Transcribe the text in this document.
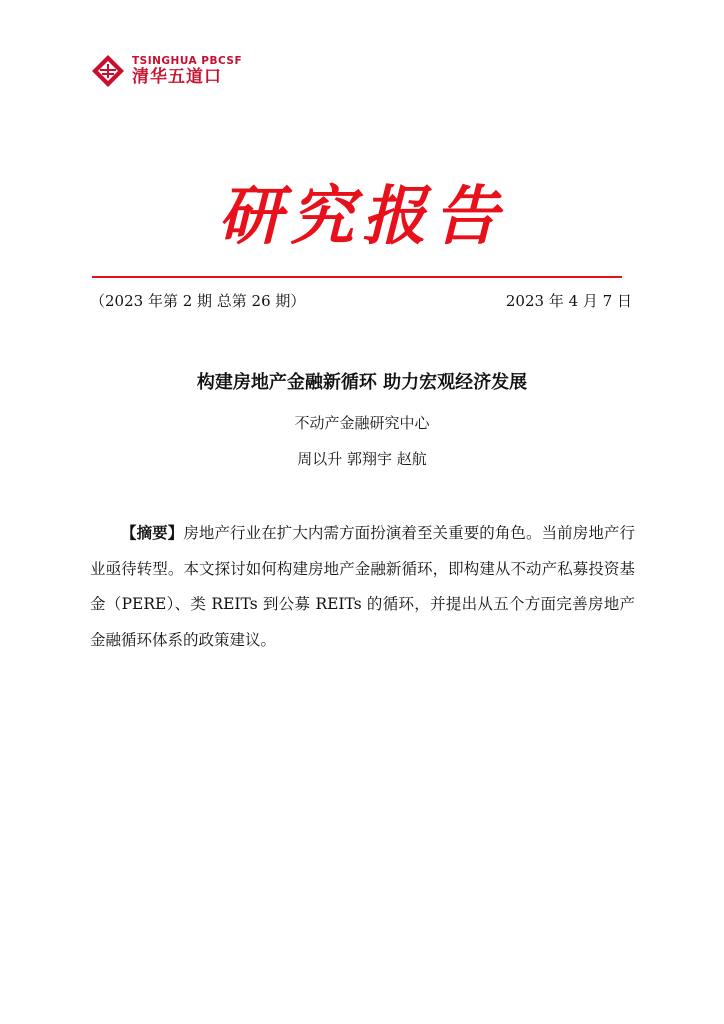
TSINGHUA PBCSF
清华五道口
研究报告
（2023 年第 2 期 总第 26 期）	2023 年 4 月 7 日
构建房地产金融新循环 助力宏观经济发展
不动产金融研究中心
周以升 郭翔宇 赵航

【摘要】房地产行业在扩大内需方面扮演着至关重要的角色。当前房地产行业亟待转型。本文探讨如何构建房地产金融新循环，即构建从不动产私募投资基金（PERE）、类 REITs 到公募 REITs 的循环，并提出从五个方面完善房地产金融循环体系的政策建议。
